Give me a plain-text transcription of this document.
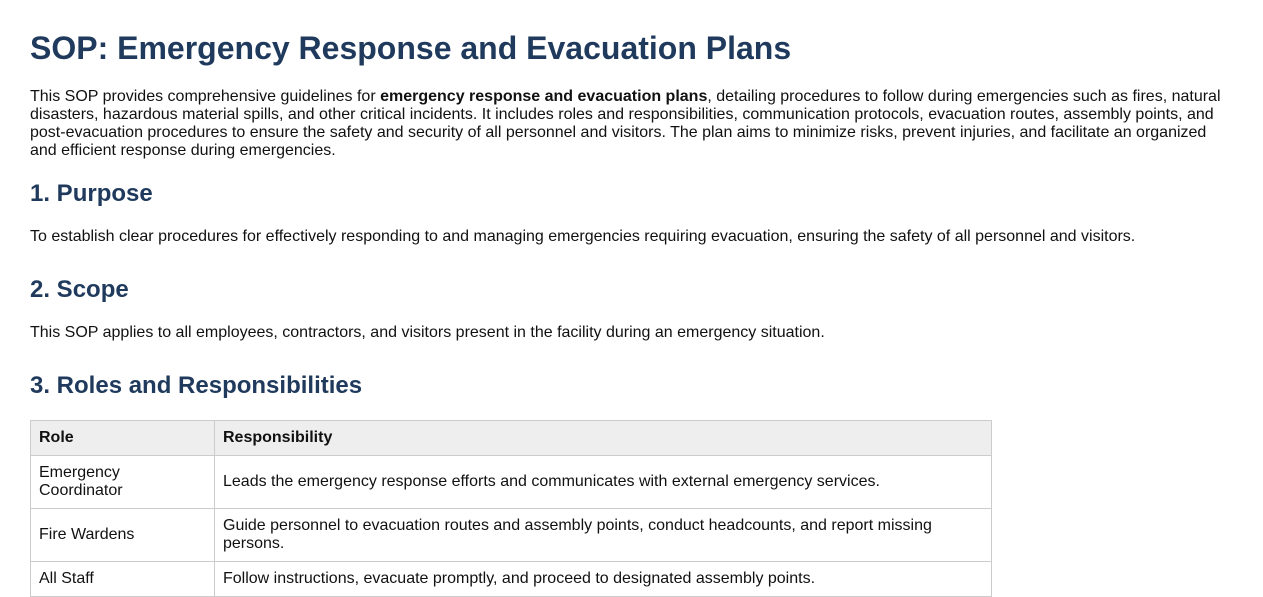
SOP: Emergency Response and Evacuation Plans

This SOP provides comprehensive guidelines for emergency response and evacuation plans, detailing procedures to follow during emergencies such as fires, natural disasters, hazardous material spills, and other critical incidents. It includes roles and responsibilities, communication protocols, evacuation routes, assembly points, and post-evacuation procedures to ensure the safety and security of all personnel and visitors. The plan aims to minimize risks, prevent injuries, and facilitate an organized and efficient response during emergencies.

1. Purpose

To establish clear procedures for effectively responding to and managing emergencies requiring evacuation, ensuring the safety of all personnel and visitors.

2. Scope

This SOP applies to all employees, contractors, and visitors present in the facility during an emergency situation.

3. Roles and Responsibilities
Role	Responsibility
Emergency Coordinator	Leads the emergency response efforts and communicates with external emergency services.
Fire Wardens	Guide personnel to evacuation routes and assembly points, conduct headcounts, and report missing persons.
All Staff	Follow instructions, evacuate promptly, and proceed to designated assembly points.
